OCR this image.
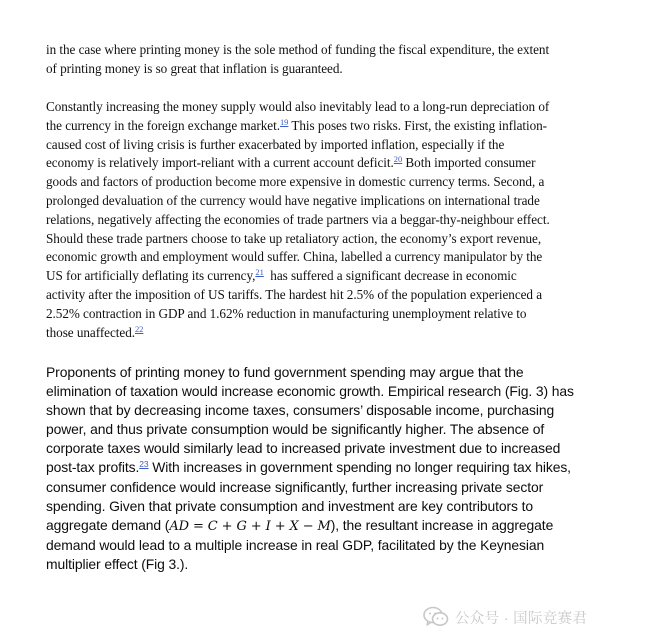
in the case where printing money is the sole method of funding the fiscal expenditure, the extent
of printing money is so great that inflation is guaranteed.
Constantly increasing the money supply would also inevitably lead to a long-run depreciation of
the currency in the foreign exchange market.$^{19}$ This poses two risks. First, the existing inflation-
caused cost of living crisis is further exacerbated by imported inflation, especially if the
economy is relatively import-reliant with a current account deficit.$^{20}$ Both imported consumer
goods and factors of production become more expensive in domestic currency terms. Second, a
prolonged devaluation of the currency would have negative implications on international trade
relations, negatively affecting the economies of trade partners via a beggar-thy-neighbour effect.
Should these trade partners choose to take up retaliatory action, the economy’s export revenue,
economic growth and employment would suffer. China, labelled a currency manipulator by the
US for artificially deflating its currency,$^{21}$  has suffered a significant decrease in economic
activity after the imposition of US tariffs. The hardest hit 2.5% of the population experienced a
2.52% contraction in GDP and 1.62% reduction in manufacturing unemployment relative to
those unaffected.$^{22}$
Proponents of printing money to fund government spending may argue that the
elimination of taxation would increase economic growth. Empirical research (Fig. 3) has
shown that by decreasing income taxes, consumers’ disposable income, purchasing
power, and thus private consumption would be significantly higher. The absence of
corporate taxes would similarly lead to increased private investment due to increased
post-tax profits.$^{23}$ With increases in government spending no longer requiring tax hikes,
consumer confidence would increase significantly, further increasing private sector
spending. Given that private consumption and investment are key contributors to
aggregate demand (AD = C + G + I + X − M), the resultant increase in aggregate
demand would lead to a multiple increase in real GDP, facilitated by the Keynesian
multiplier effect (Fig 3.).
公众号 · 国际竞赛君
